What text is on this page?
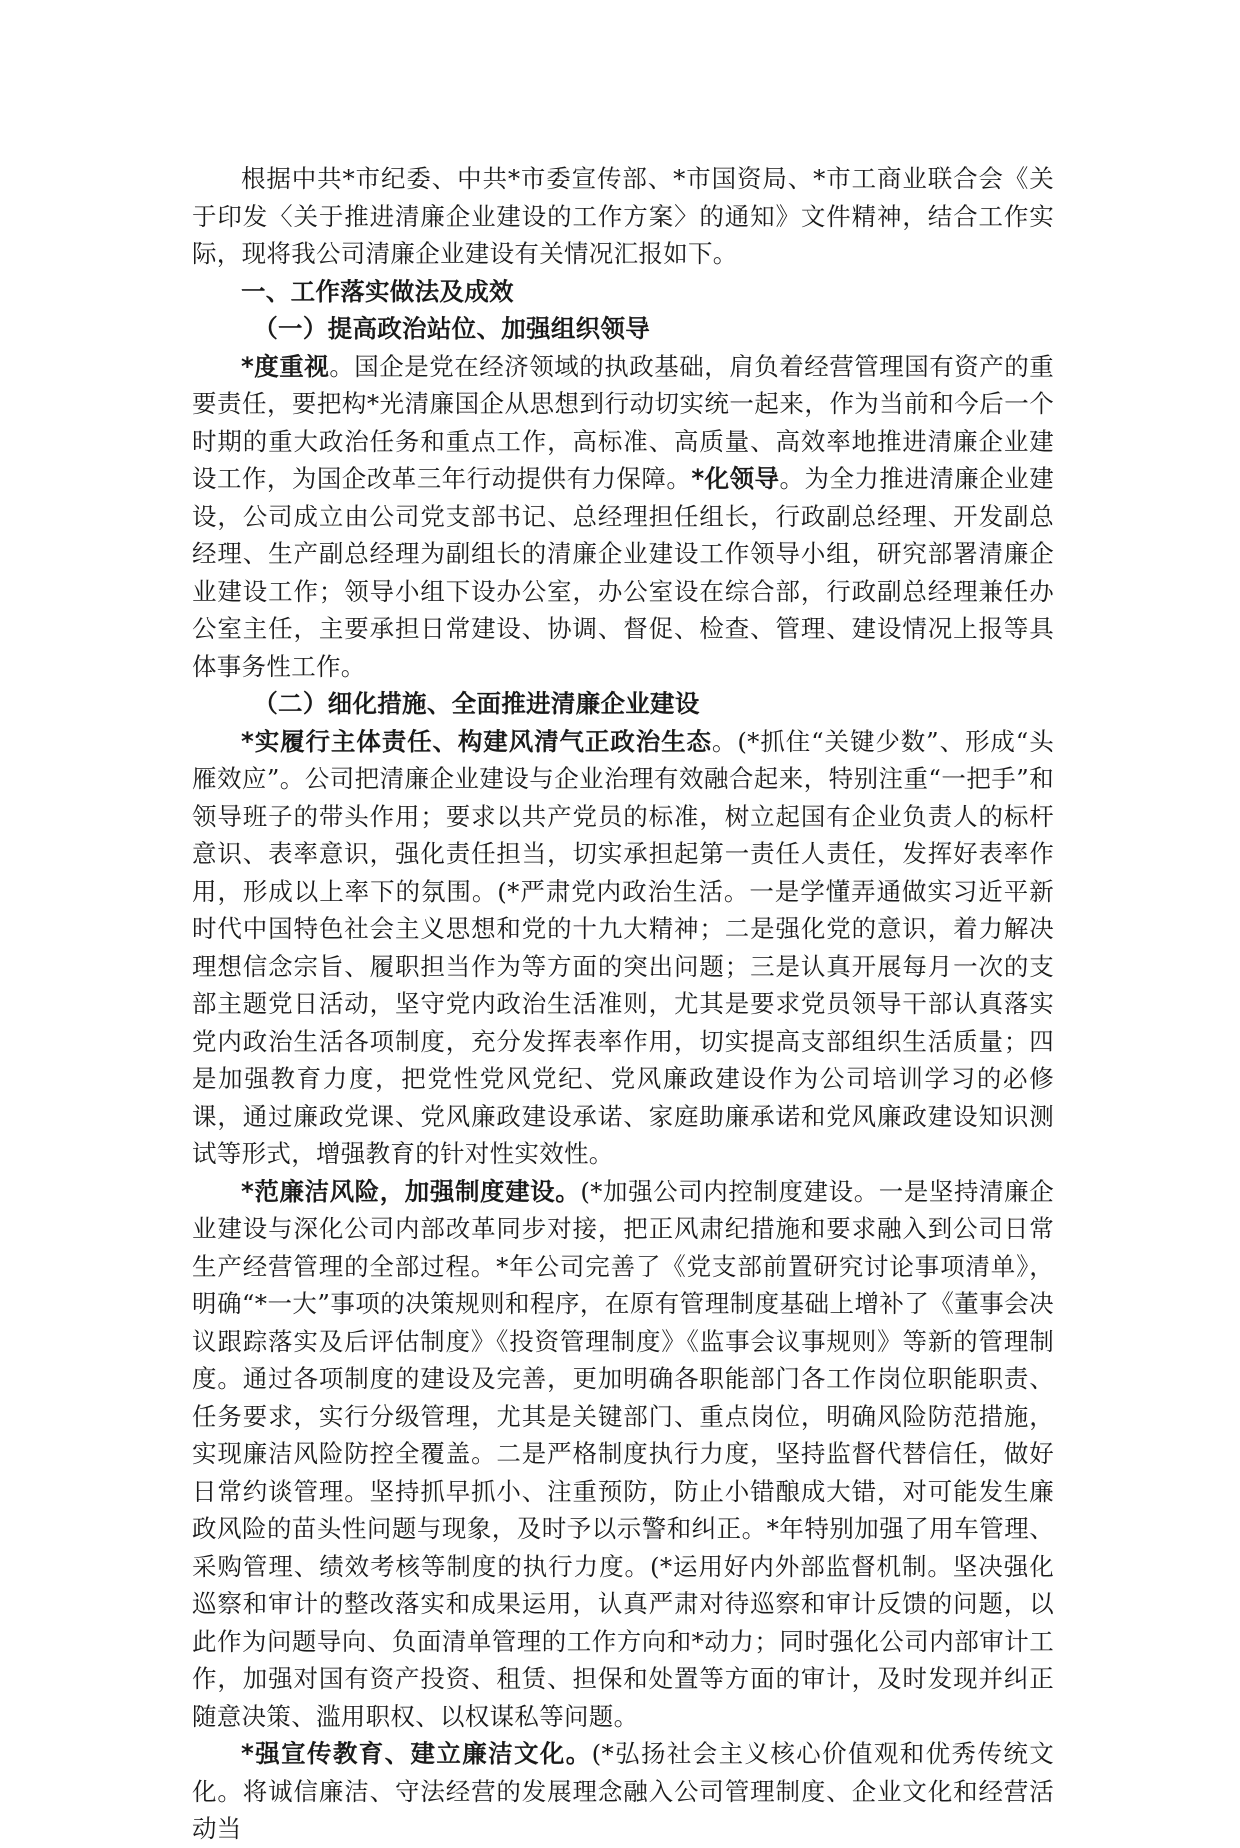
根据中共*市纪委、中共*市委宣传部、*市国资局、*市工商业联合会《关于印发〈关于推进清廉企业建设的工作方案〉的通知》文件精神，结合工作实际，现将我公司清廉企业建设有关情况汇报如下。

一、工作落实做法及成效

（一）提高政治站位、加强组织领导

*度重视。国企是党在经济领域的执政基础，肩负着经营管理国有资产的重要责任，要把构*光清廉国企从思想到行动切实统一起来，作为当前和今后一个时期的重大政治任务和重点工作，高标准、高质量、高效率地推进清廉企业建设工作，为国企改革三年行动提供有力保障。*化领导。为全力推进清廉企业建设，公司成立由公司党支部书记、总经理担任组长，行政副总经理、开发副总经理、生产副总经理为副组长的清廉企业建设工作领导小组，研究部署清廉企业建设工作；领导小组下设办公室，办公室设在综合部，行政副总经理兼任办公室主任，主要承担日常建设、协调、督促、检查、管理、建设情况上报等具体事务性工作。

（二）细化措施、全面推进清廉企业建设

*实履行主体责任、构建风清气正政治生态。(*抓住“关键少数”、形成“头雁效应”。公司把清廉企业建设与企业治理有效融合起来，特别注重“一把手”和领导班子的带头作用；要求以共产党员的标准，树立起国有企业负责人的标杆意识、表率意识，强化责任担当，切实承担起第一责任人责任，发挥好表率作用，形成以上率下的氛围。(*严肃党内政治生活。一是学懂弄通做实习近平新时代中国特色社会主义思想和党的十九大精神；二是强化党的意识，着力解决理想信念宗旨、履职担当作为等方面的突出问题；三是认真开展每月一次的支部主题党日活动，坚守党内政治生活准则，尤其是要求党员领导干部认真落实党内政治生活各项制度，充分发挥表率作用，切实提高支部组织生活质量；四是加强教育力度，把党性党风党纪、党风廉政建设作为公司培训学习的必修课，通过廉政党课、党风廉政建设承诺、家庭助廉承诺和党风廉政建设知识测试等形式，增强教育的针对性实效性。

*范廉洁风险，加强制度建设。(*加强公司内控制度建设。一是坚持清廉企业建设与深化公司内部改革同步对接，把正风肃纪措施和要求融入到公司日常生产经营管理的全部过程。*年公司完善了《党支部前置研究讨论事项清单》，明确“*一大”事项的决策规则和程序，在原有管理制度基础上增补了《董事会决议跟踪落实及后评估制度》《投资管理制度》《监事会议事规则》等新的管理制度。通过各项制度的建设及完善，更加明确各职能部门各工作岗位职能职责、任务要求，实行分级管理，尤其是关键部门、重点岗位，明确风险防范措施，实现廉洁风险防控全覆盖。二是严格制度执行力度，坚持监督代替信任，做好日常约谈管理。坚持抓早抓小、注重预防，防止小错酿成大错，对可能发生廉政风险的苗头性问题与现象，及时予以示警和纠正。*年特别加强了用车管理、采购管理、绩效考核等制度的执行力度。(*运用好内外部监督机制。坚决强化巡察和审计的整改落实和成果运用，认真严肃对待巡察和审计反馈的问题，以此作为问题导向、负面清单管理的工作方向和*动力；同时强化公司内部审计工作，加强对国有资产投资、租赁、担保和处置等方面的审计，及时发现并纠正随意决策、滥用职权、以权谋私等问题。

*强宣传教育、建立廉洁文化。(*弘扬社会主义核心价值观和优秀传统文化。将诚信廉洁、守法经营的发展理念融入公司管理制度、企业文化和经营活动当
